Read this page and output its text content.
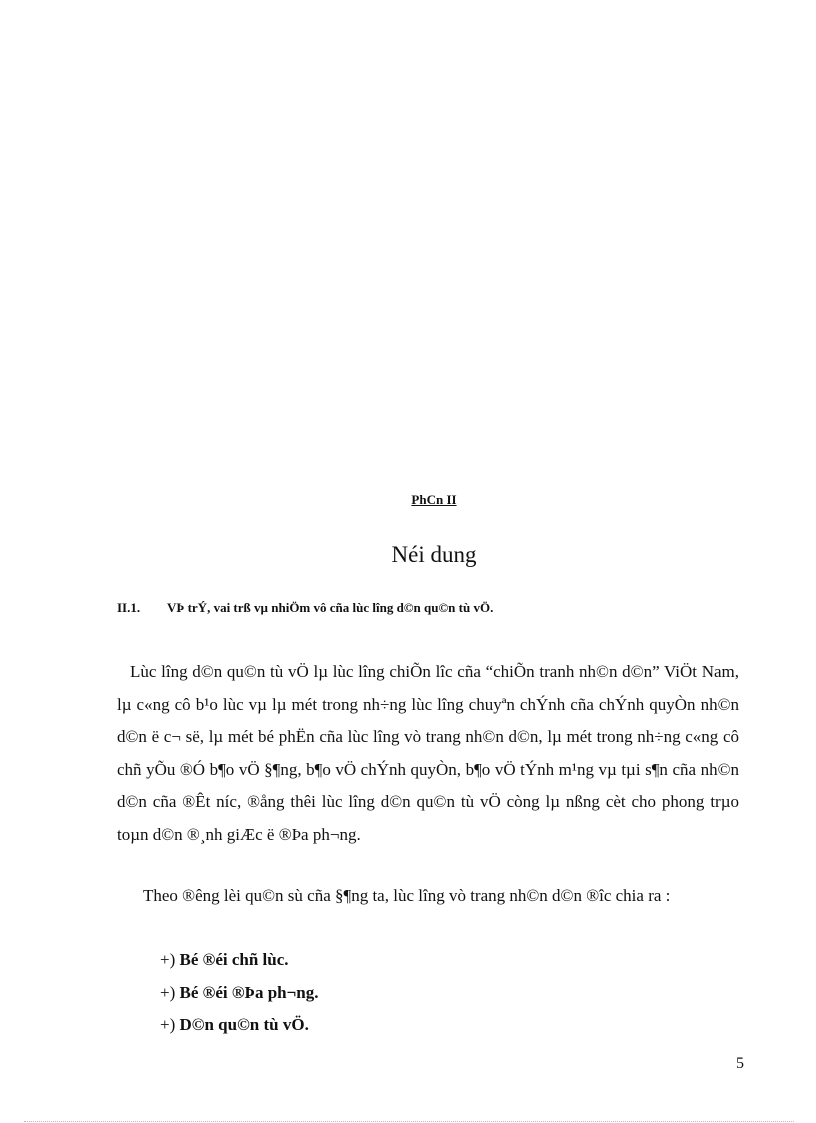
PhCn II
Néi dung
II.1. VÞ trÝ, vai trß vµ nhiÖm vô cña lùc lîng d©n qu©n tù vÖ.

Lùc lîng d©n qu©n tù vÖ lµ lùc lîng chiÕn lîc cña “chiÕn tranh nh©n d©n” ViÖt Nam, lµ c«ng cô b¹o lùc vµ lµ mét trong nh÷ng lùc lîng chuyªn chÝnh cña chÝnh quyÒn nh©n d©n ë c¬ së, lµ mét bé phËn cña lùc lîng vò trang nh©n d©n, lµ mét trong nh÷ng c«ng cô chñ yÕu ®Ó b¶o vÖ §¶ng, b¶o vÖ chÝnh quyÒn, b¶o vÖ tÝnh m¹ng vµ tµi s¶n cña nh©n d©n cña ®Êt níc, ®ång thêi lùc lîng d©n qu©n tù vÖ còng lµ nßng cèt cho phong trµo toµn d©n ®¸nh giÆc ë ®Þa ph¬ng.

Theo ®êng lèi qu©n sù cña §¶ng ta, lùc lîng vò trang nh©n d©n ®îc chia ra :

+) Bé ®éi chñ lùc.
+) Bé ®éi ®Þa ph¬ng.
+) D©n qu©n tù vÖ.
5
